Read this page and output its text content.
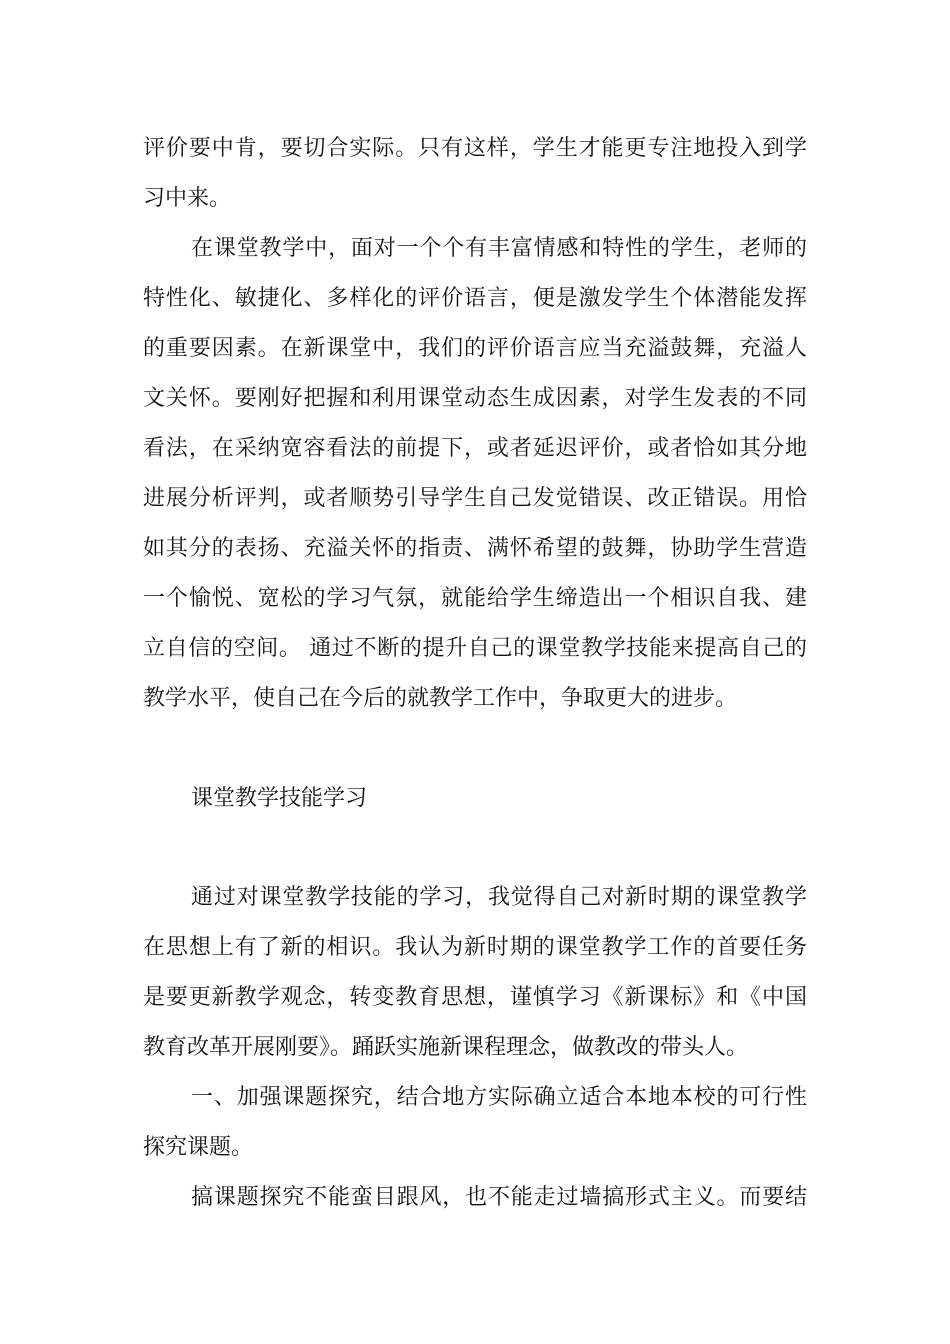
评价要中肯，要切合实际。只有这样，学生才能更专注地投入到学
习中来。
在课堂教学中，面对一个个有丰富情感和特性的学生，老师的
特性化、敏捷化、多样化的评价语言，便是激发学生个体潜能发挥
的重要因素。在新课堂中，我们的评价语言应当充溢鼓舞，充溢人
文关怀。要刚好把握和利用课堂动态生成因素，对学生发表的不同
看法，在采纳宽容看法的前提下，或者延迟评价，或者恰如其分地
进展分析评判，或者顺势引导学生自己发觉错误、改正错误。用恰
如其分的表扬、充溢关怀的指责、满怀希望的鼓舞，协助学生营造
一个愉悦、宽松的学习气氛，就能给学生缔造出一个相识自我、建
立自信的空间。 通过不断的提升自己的课堂教学技能来提高自己的
教学水平，使自己在今后的就教学工作中，争取更大的进步。
课堂教学技能学习
通过对课堂教学技能的学习，我觉得自己对新时期的课堂教学
在思想上有了新的相识。我认为新时期的课堂教学工作的首要任务
是要更新教学观念，转变教育思想，谨慎学习《新课标》和《中国
教育改革开展刚要》。踊跃实施新课程理念，做教改的带头人。
一、加强课题探究，结合地方实际确立适合本地本校的可行性
探究课题。
搞课题探究不能蛮目跟风，也不能走过墙搞形式主义。而要结
